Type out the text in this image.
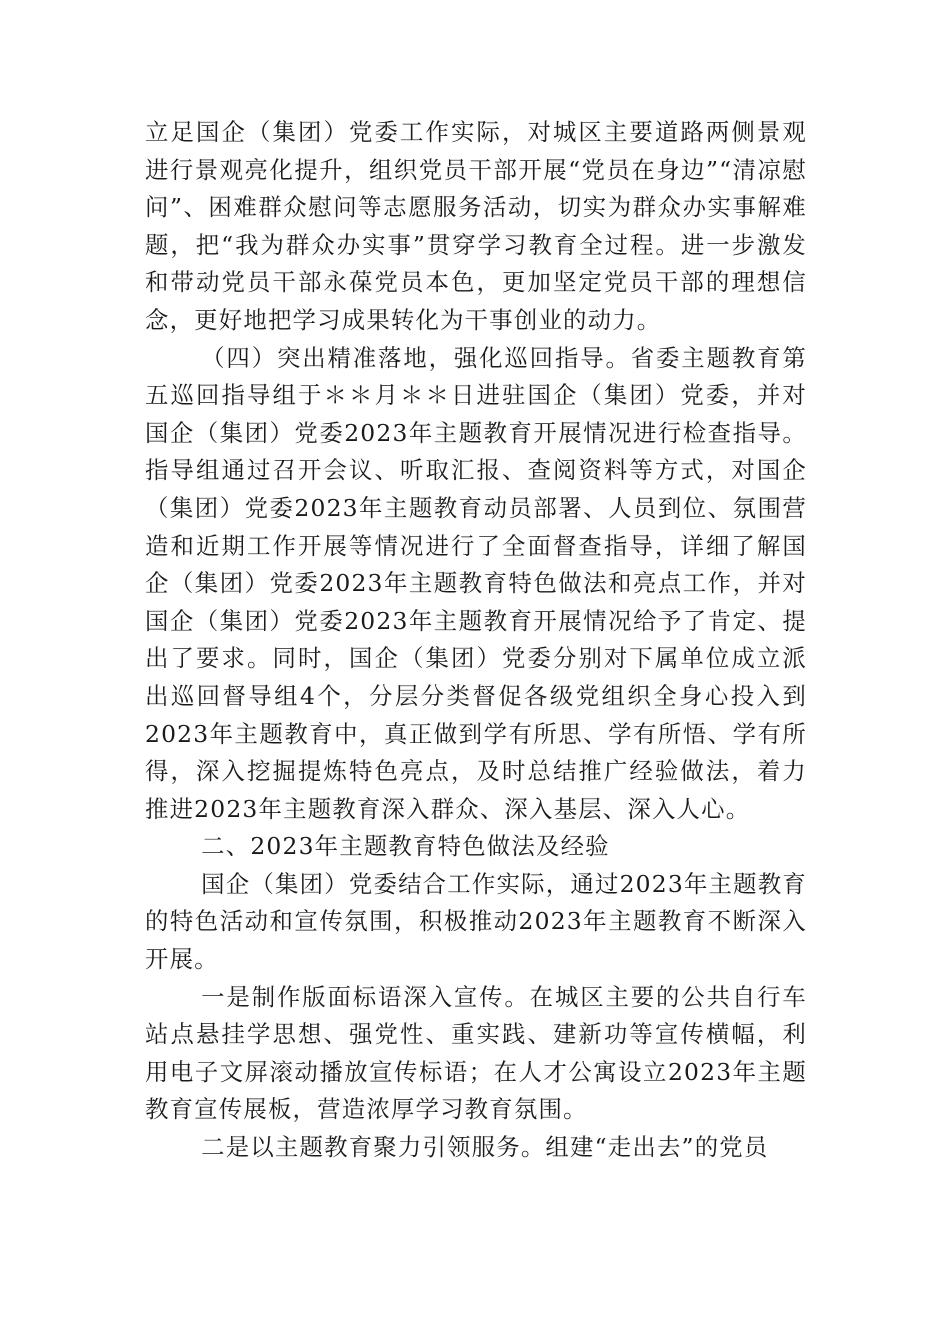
立足国企（集团）党委工作实际，对城区主要道路两侧景观进行景观亮化提升，组织党员干部开展“党员在身边”“清凉慰问”、困难群众慰问等志愿服务活动，切实为群众办实事解难题，把“我为群众办实事”贯穿学习教育全过程。进一步激发和带动党员干部永葆党员本色，更加坚定党员干部的理想信念，更好地把学习成果转化为干事创业的动力。

（四）突出精准落地，强化巡回指导。省委主题教育第五巡回指导组于＊＊月＊＊日进驻国企（集团）党委，并对国企（集团）党委2023年主题教育开展情况进行检查指导。指导组通过召开会议、听取汇报、查阅资料等方式，对国企（集团）党委2023年主题教育动员部署、人员到位、氛围营造和近期工作开展等情况进行了全面督查指导，详细了解国企（集团）党委2023年主题教育特色做法和亮点工作，并对国企（集团）党委2023年主题教育开展情况给予了肯定、提出了要求。同时，国企（集团）党委分别对下属单位成立派出巡回督导组4个，分层分类督促各级党组织全身心投入到2023年主题教育中，真正做到学有所思、学有所悟、学有所得，深入挖掘提炼特色亮点，及时总结推广经验做法，着力推进2023年主题教育深入群众、深入基层、深入人心。

二、2023年主题教育特色做法及经验

国企（集团）党委结合工作实际，通过2023年主题教育的特色活动和宣传氛围，积极推动2023年主题教育不断深入开展。

一是制作版面标语深入宣传。在城区主要的公共自行车站点悬挂学思想、强党性、重实践、建新功等宣传横幅，利用电子文屏滚动播放宣传标语；在人才公寓设立2023年主题教育宣传展板，营造浓厚学习教育氛围。

二是以主题教育聚力引领服务。组建“走出去”的党员
